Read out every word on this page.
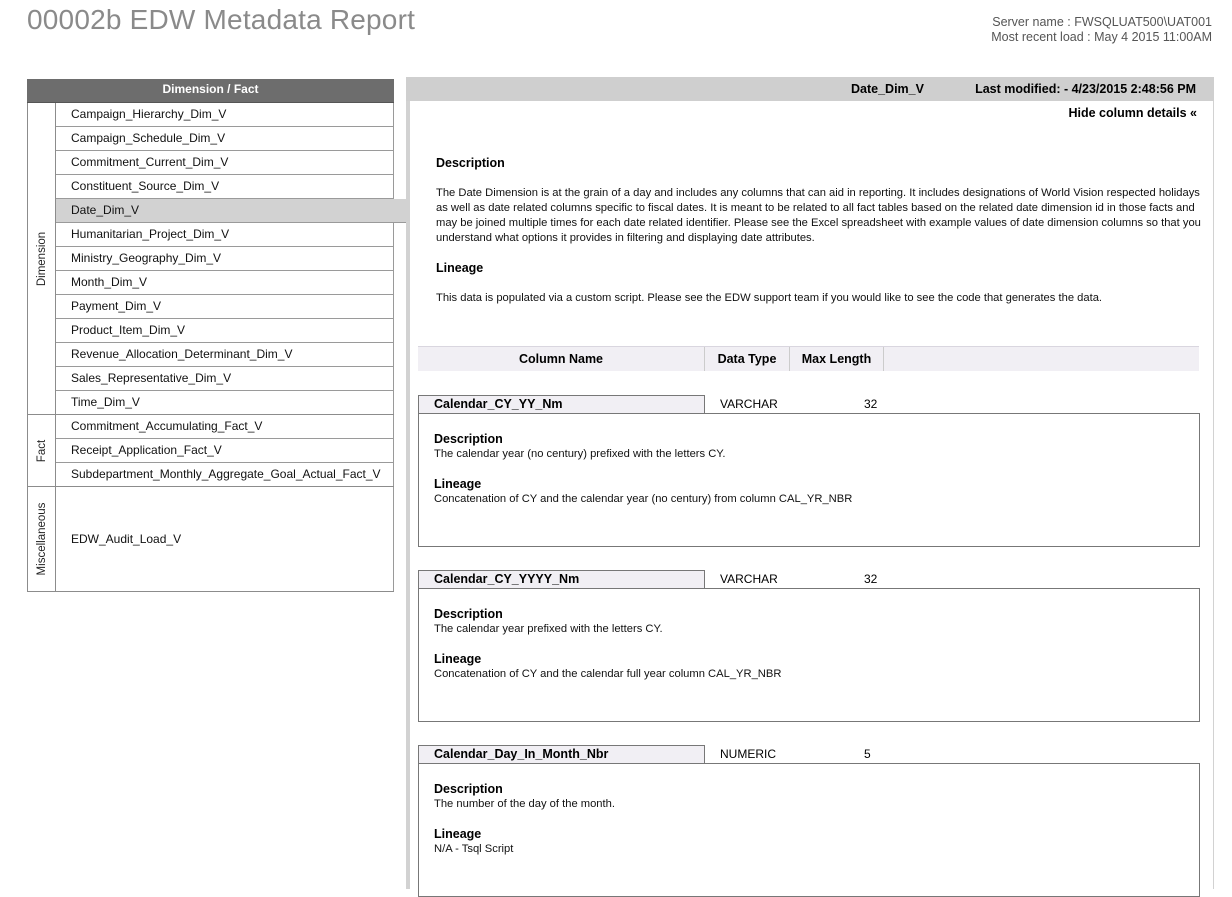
00002b EDW Metadata Report	Server name : FWSQLUAT500\UAT001
Most recent load : May 4 2015 11:00AM
Dimension / Fact
Dimension
Campaign_Hierarchy_Dim_V
Campaign_Schedule_Dim_V
Commitment_Current_Dim_V
Constituent_Source_Dim_V
Date_Dim_V
Humanitarian_Project_Dim_V
Ministry_Geography_Dim_V
Month_Dim_V
Payment_Dim_V
Product_Item_Dim_V
Revenue_Allocation_Determinant_Dim_V
Sales_Representative_Dim_V
Time_Dim_V
Fact
Commitment_Accumulating_Fact_V
Receipt_Application_Fact_V
Subdepartment_Monthly_Aggregate_Goal_Actual_Fact_V
Miscellaneous	EDW_Audit_Load_V
Date_Dim_V	Last modified: - 4/23/2015 2:48:56 PM
Hide column details «
Description
The Date Dimension is at the grain of a day and includes any columns that can aid in reporting. It includes designations of World Vision respected holidays as well as date related columns specific to fiscal dates. It is meant to be related to all fact tables based on the related date dimension id in those facts and may be joined multiple times for each date related identifier. Please see the Excel spreadsheet with example values of date dimension columns so that you understand what options it provides in filtering and displaying date attributes.
Lineage
This data is populated via a custom script. Please see the EDW support team if you would like to see the code that generates the data.
Column Name	Data Type	Max Length
Calendar_CY_YY_Nm	VARCHAR	32
Description
The calendar year (no century) prefixed with the letters CY.
Lineage
Concatenation of CY and the calendar year (no century) from column CAL_YR_NBR
Calendar_CY_YYYY_Nm	VARCHAR	32
Description
The calendar year prefixed with the letters CY.
Lineage
Concatenation of CY and the calendar full year column CAL_YR_NBR
Calendar_Day_In_Month_Nbr	NUMERIC	5
Description
The number of the day of the month.
Lineage
N/A - Tsql Script
